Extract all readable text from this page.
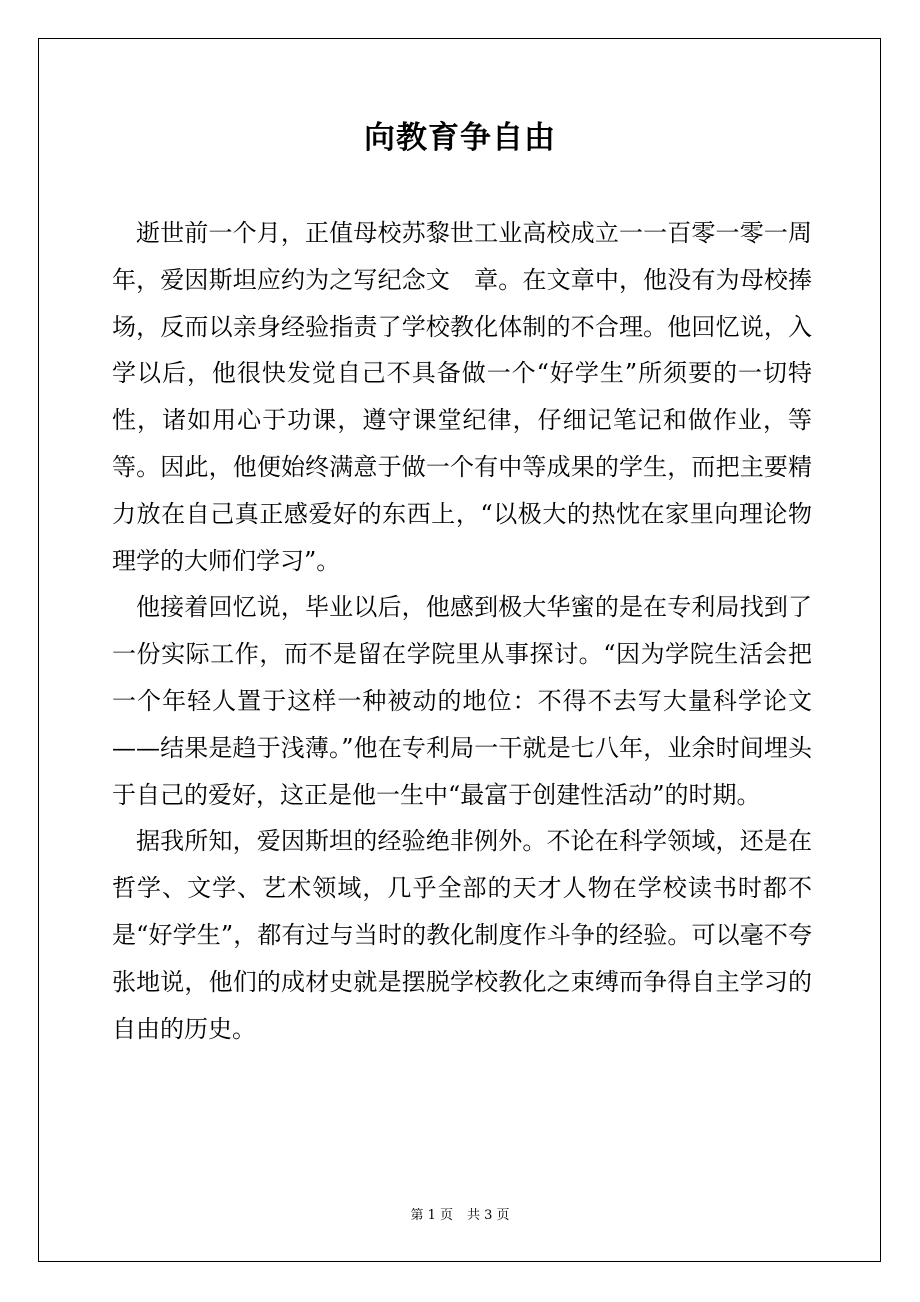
向教育争自由

逝世前一个月，正值母校苏黎世工业高校成立一一百零一零一周年，爱因斯坦应约为之写纪念文　章。在文章中，他没有为母校捧场，反而以亲身经验指责了学校教化体制的不合理。他回忆说，入学以后，他很快发觉自己不具备做一个“好学生”所须要的一切特性，诸如用心于功课，遵守课堂纪律，仔细记笔记和做作业，等等。因此，他便始终满意于做一个有中等成果的学生，而把主要精力放在自己真正感爱好的东西上，“以极大的热忱在家里向理论物理学的大师们学习”。

他接着回忆说，毕业以后，他感到极大华蜜的是在专利局找到了一份实际工作，而不是留在学院里从事探讨。“因为学院生活会把一个年轻人置于这样一种被动的地位：不得不去写大量科学论文——结果是趋于浅薄。”他在专利局一干就是七八年，业余时间埋头于自己的爱好，这正是他一生中“最富于创建性活动”的时期。

据我所知，爱因斯坦的经验绝非例外。不论在科学领域，还是在哲学、文学、艺术领域，几乎全部的天才人物在学校读书时都不是“好学生”，都有过与当时的教化制度作斗争的经验。可以毫不夸张地说，他们的成材史就是摆脱学校教化之束缚而争得自主学习的自由的历史。

第 1 页 共 3 页
